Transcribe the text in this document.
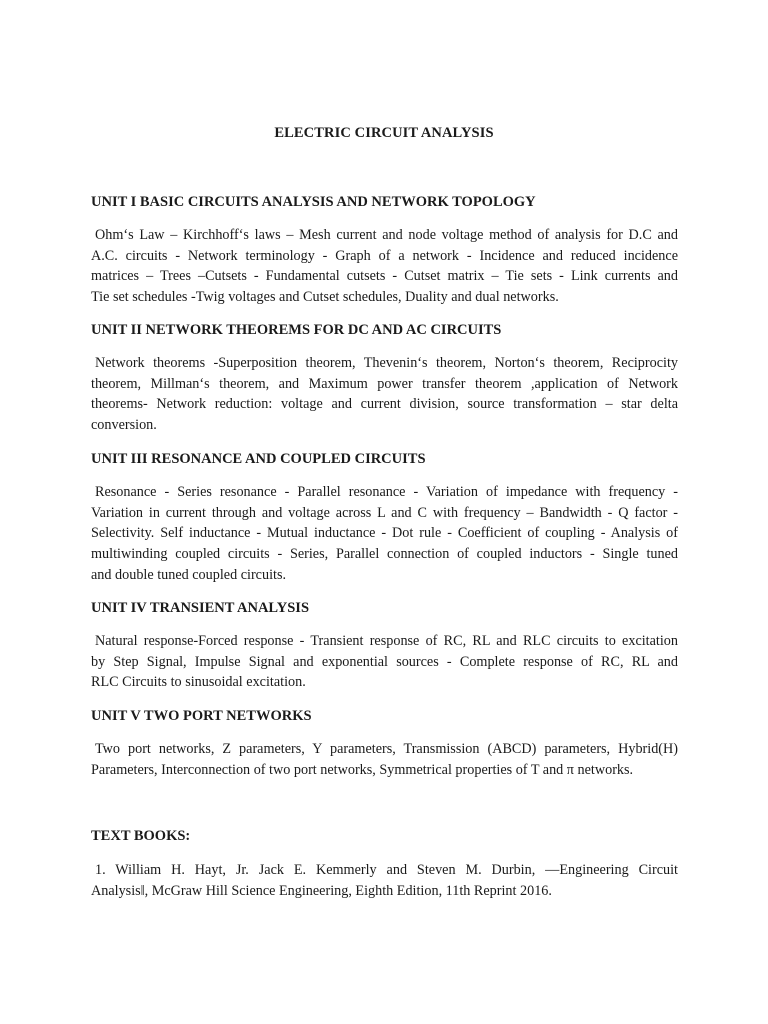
ELECTRIC CIRCUIT ANALYSIS
UNIT I BASIC CIRCUITS ANALYSIS AND NETWORK TOPOLOGY
Ohm‘s Law – Kirchhoff‘s laws – Mesh current and node voltage method of analysis for D.C and
A.C. circuits - Network terminology - Graph of a network - Incidence and reduced incidence
matrices – Trees –Cutsets - Fundamental cutsets - Cutset matrix – Tie sets - Link currents and
Tie set schedules -Twig voltages and Cutset schedules, Duality and dual networks.
UNIT II NETWORK THEOREMS FOR DC AND AC CIRCUITS
Network theorems -Superposition theorem, Thevenin‘s theorem, Norton‘s theorem, Reciprocity
theorem, Millman‘s theorem, and Maximum power transfer theorem ,application of Network
theorems- Network reduction: voltage and current division, source transformation – star delta
conversion.
UNIT III RESONANCE AND COUPLED CIRCUITS
Resonance - Series resonance - Parallel resonance - Variation of impedance with frequency -
Variation in current through and voltage across L and C with frequency – Bandwidth - Q factor -
Selectivity. Self inductance - Mutual inductance - Dot rule - Coefficient of coupling - Analysis of
multiwinding coupled circuits - Series, Parallel connection of coupled inductors - Single tuned
and double tuned coupled circuits.
UNIT IV TRANSIENT ANALYSIS
Natural response-Forced response - Transient response of RC, RL and RLC circuits to excitation
by Step Signal, Impulse Signal and exponential sources - Complete response of RC, RL and
RLC Circuits to sinusoidal excitation.
UNIT V TWO PORT NETWORKS
Two port networks, Z parameters, Y parameters, Transmission (ABCD) parameters, Hybrid(H)
Parameters, Interconnection of two port networks, Symmetrical properties of T and π networks.
TEXT BOOKS:
1. William H. Hayt, Jr. Jack E. Kemmerly and Steven M. Durbin, —Engineering Circuit
Analysis‖, McGraw Hill Science Engineering, Eighth Edition, 11th Reprint 2016.
